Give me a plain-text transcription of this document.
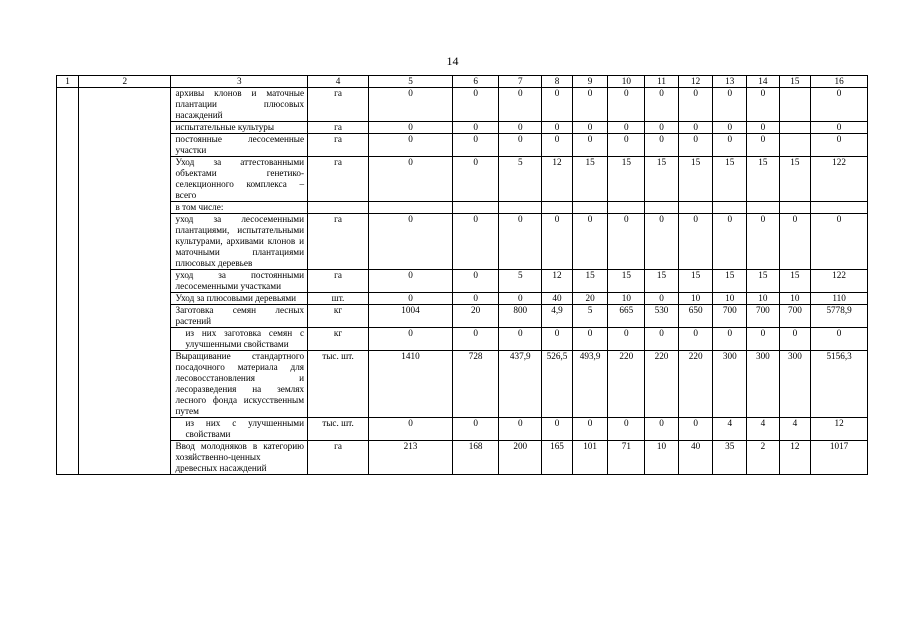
14
1	2	3	4	5	6	7	8	9	10	11	12	13	14	15	16
		архивы клонов и маточные плантации плюсовых насаждений	га	0	0	0	0	0	0	0	0	0	0		0
		испытательные культуры	га	0	0	0	0	0	0	0	0	0	0		0
		постоянные лесосеменные участки	га	0	0	0	0	0	0	0	0	0	0		0
		Уход за аттестованными объектами генетико-селекционного комплекса – всего	га	0	0	5	12	15	15	15	15	15	15	15	122
		в том числе:													
		уход за лесосеменными плантациями, испытательными культурами, архивами клонов и маточными плантациями плюсовых деревьев	га	0	0	0	0	0	0	0	0	0	0	0	0
		уход за постоянными лесосеменными участками	га	0	0	5	12	15	15	15	15	15	15	15	122
		Уход за плюсовыми деревьями	шт.	0	0	0	40	20	10	0	10	10	10	10	110
		Заготовка семян лесных растений	кг	1004	20	800	4,9	5	665	530	650	700	700	700	5778,9
		из них заготовка семян с улучшенными свойствами	кг	0	0	0	0	0	0	0	0	0	0	0	0
		Выращивание стандартного посадочного материала для лесовосстановления и лесоразведения на землях лесного фонда искусственным путем	тыс. шт.	1410	728	437,9	526,5	493,9	220	220	220	300	300	300	5156,3
		из них с улучшенными свойствами	тыс. шт.	0	0	0	0	0	0	0	0	4	4	4	12
		Ввод молодняков в категорию хозяйственно-ценных древесных насаждений	га	213	168	200	165	101	71	10	40	35	2	12	1017
